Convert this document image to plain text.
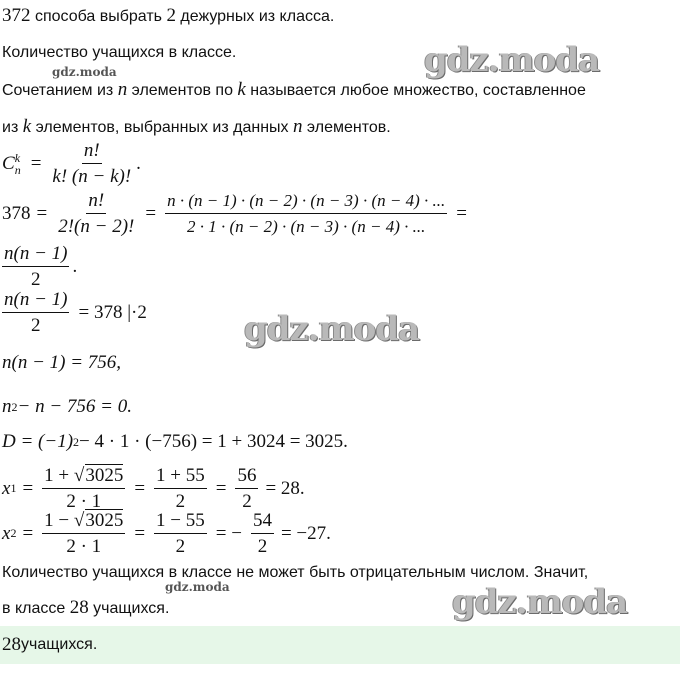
372 способа выбрать 2 дежурных из класса.
Количество учащихся в классе.
Сочетанием из n элементов по k называется любое множество, составленное
из k элементов, выбранных из данных n элементов.
C k
$n = \frac{n!}{k! (n - k)!}$ .
$378 = \frac{n!}{2!(n - 2)!} = \frac{n \cdot (n - 1) \cdot (n - 2) \cdot (n - 3) \cdot (n - 4) \cdot ...}{2 \cdot 1 \cdot (n - 2) \cdot (n - 3) \cdot (n - 4) \cdot ...}$ =
$\frac{n(n - 1)}{2}$ .
$\frac{n(n - 1)}{2} = 378$ |·2
n(n − 1) = 756,
n 2 − n − 756 = 0.
D = (−1) 2 − 4 · 1 · (−756) = 1 + 3024 = 3025.
x $1 = \frac{1 + √3025}{2 \cdot 1} = \frac{1 + 55}{2} = \frac{56}{2} = 28$.
x $2 = \frac{1 - √3025}{2 \cdot 1} = \frac{1 - 55}{2}$ = − $\frac{54}{2} = -27$.
Количество учащихся в классе не может быть отрицательным числом. Значит,
в классе 28 учащихся.
28 учащихся.
gdz.moda
gdz.moda
gdz.moda
gdz.moda	gdz.moda
